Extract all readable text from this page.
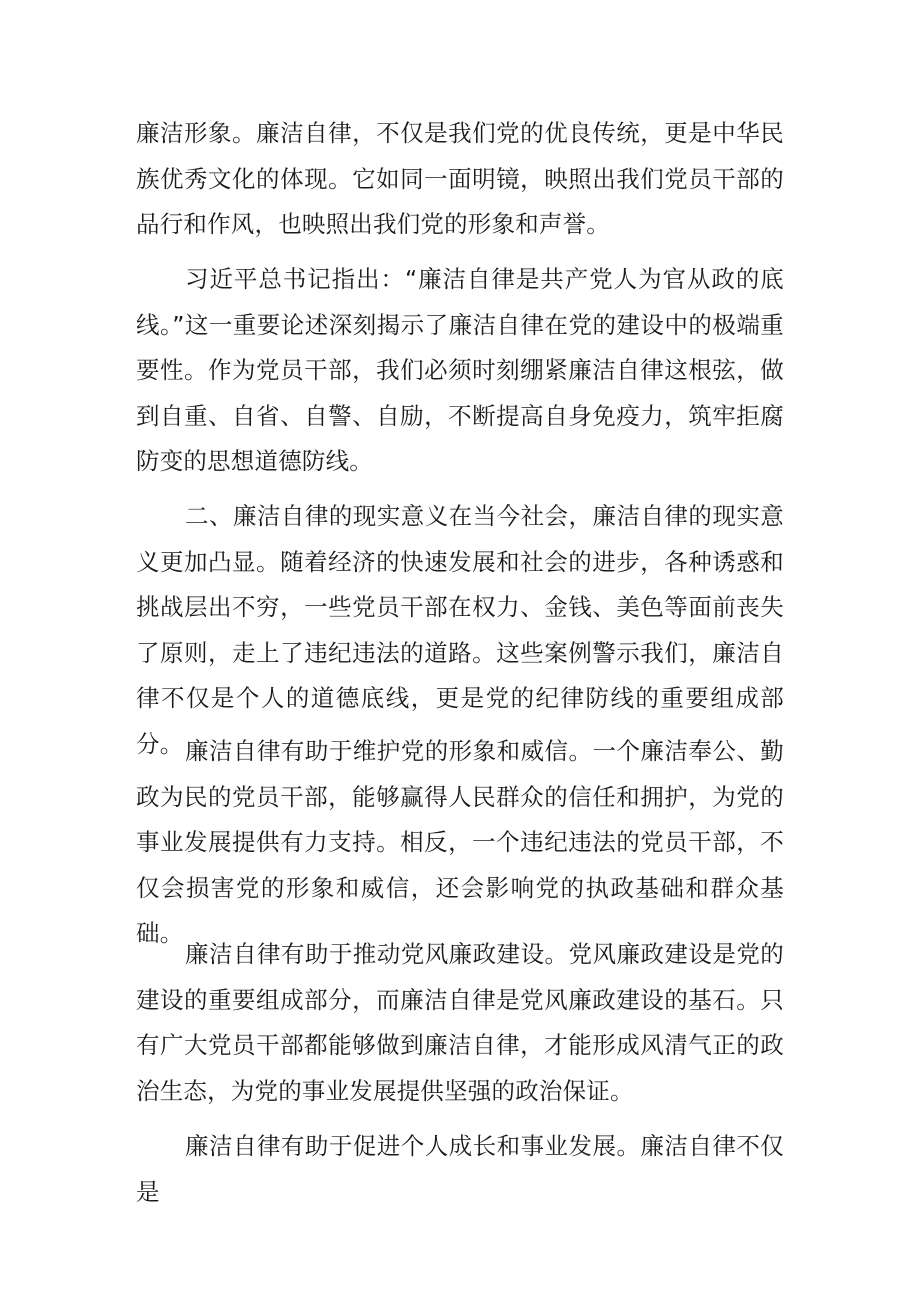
廉洁形象。廉洁自律，不仅是我们党的优良传统，更是中华民族优秀文化的体现。它如同一面明镜，映照出我们党员干部的品行和作风，也映照出我们党的形象和声誉。

习近平总书记指出：“廉洁自律是共产党人为官从政的底线。”这一重要论述深刻揭示了廉洁自律在党的建设中的极端重要性。作为党员干部，我们必须时刻绷紧廉洁自律这根弦，做到自重、自省、自警、自励，不断提高自身免疫力，筑牢拒腐防变的思想道德防线。

二、廉洁自律的现实意义在当今社会，廉洁自律的现实意义更加凸显。随着经济的快速发展和社会的进步，各种诱惑和挑战层出不穷，一些党员干部在权力、金钱、美色等面前丧失了原则，走上了违纪违法的道路。这些案例警示我们，廉洁自律不仅是个人的道德底线，更是党的纪律防线的重要组成部分。 廉洁自律有助于维护党的形象和威信。一个廉洁奉公、勤政为民的党员干部，能够赢得人民群众的信任和拥护，为党的事业发展提供有力支持。相反，一个违纪违法的党员干部，不仅会损害党的形象和威信，还会影响党的执政基础和群众基础。

廉洁自律有助于推动党风廉政建设。党风廉政建设是党的建设的重要组成部分，而廉洁自律是党风廉政建设的基石。只有广大党员干部都能够做到廉洁自律，才能形成风清气正的政治生态，为党的事业发展提供坚强的政治保证。

廉洁自律有助于促进个人成长和事业发展。廉洁自律不仅是
